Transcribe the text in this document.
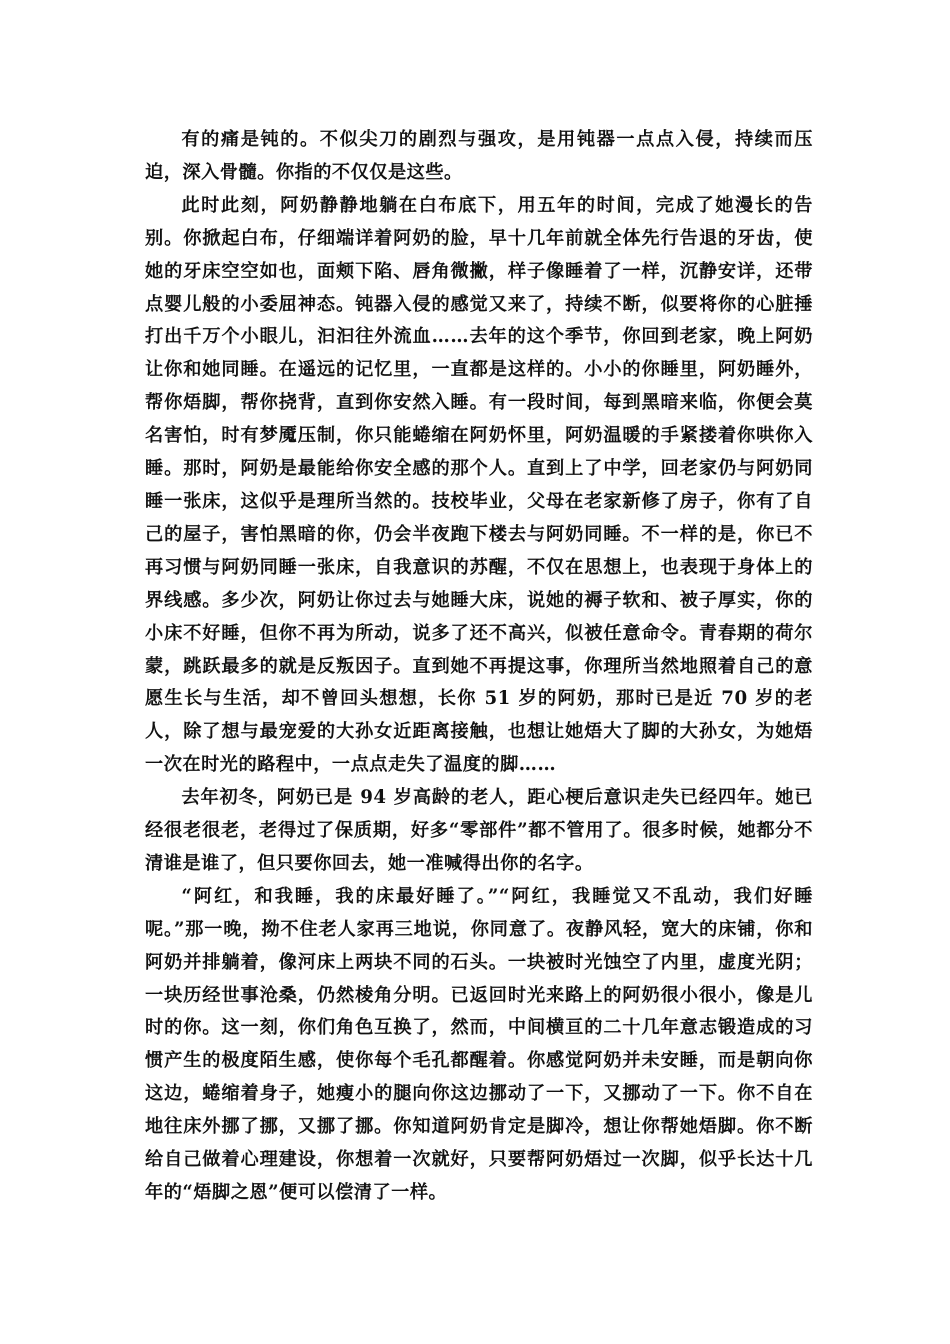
有的痛是钝的。不似尖刀的剧烈与强攻，是用钝器一点点入侵，持续而压迫，深入骨髓。你指的不仅仅是这些。

此时此刻，阿奶静静地躺在白布底下，用五年的时间，完成了她漫长的告别。你掀起白布，仔细端详着阿奶的脸，早十几年前就全体先行告退的牙齿，使她的牙床空空如也，面颊下陷、唇角微撇，样子像睡着了一样，沉静安详，还带点婴儿般的小委屈神态。钝器入侵的感觉又来了，持续不断，似要将你的心脏捶打出千万个小眼儿，汩汩往外流血……去年的这个季节，你回到老家，晚上阿奶让你和她同睡。在遥远的记忆里，一直都是这样的。小小的你睡里，阿奶睡外，帮你焐脚，帮你挠背，直到你安然入睡。有一段时间，每到黑暗来临，你便会莫名害怕，时有梦魇压制，你只能蜷缩在阿奶怀里，阿奶温暖的手紧搂着你哄你入睡。那时，阿奶是最能给你安全感的那个人。直到上了中学，回老家仍与阿奶同睡一张床，这似乎是理所当然的。技校毕业，父母在老家新修了房子，你有了自己的屋子，害怕黑暗的你，仍会半夜跑下楼去与阿奶同睡。不一样的是，你已不再习惯与阿奶同睡一张床，自我意识的苏醒，不仅在思想上，也表现于身体上的界线感。多少次，阿奶让你过去与她睡大床，说她的褥子软和、被子厚实，你的小床不好睡，但你不再为所动，说多了还不高兴，似被任意命令。青春期的荷尔蒙，跳跃最多的就是反叛因子。直到她不再提这事，你理所当然地照着自己的意愿生长与生活，却不曾回头想想，长你 51 岁的阿奶，那时已是近 70 岁的老人，除了想与最宠爱的大孙女近距离接触，也想让她焐大了脚的大孙女，为她焐一次在时光的路程中，一点点走失了温度的脚……

去年初冬，阿奶已是 94 岁高龄的老人，距心梗后意识走失已经四年。她已经很老很老，老得过了保质期，好多“零部件”都不管用了。很多时候，她都分不清谁是谁了，但只要你回去，她一准喊得出你的名字。

“阿红，和我睡，我的床最好睡了。”“阿红，我睡觉又不乱动，我们好睡呢。”那一晚，拗不住老人家再三地说，你同意了。夜静风轻，宽大的床铺，你和阿奶并排躺着，像河床上两块不同的石头。一块被时光蚀空了内里，虚度光阴；一块历经世事沧桑，仍然棱角分明。已返回时光来路上的阿奶很小很小，像是儿时的你。这一刻，你们角色互换了，然而，中间横亘的二十几年意志锻造成的习惯产生的极度陌生感，使你每个毛孔都醒着。你感觉阿奶并未安睡，而是朝向你这边，蜷缩着身子，她瘦小的腿向你这边挪动了一下，又挪动了一下。你不自在地往床外挪了挪，又挪了挪。你知道阿奶肯定是脚冷，想让你帮她焐脚。你不断给自己做着心理建设，你想着一次就好，只要帮阿奶焐过一次脚，似乎长达十几年的“焐脚之恩”便可以偿清了一样。
